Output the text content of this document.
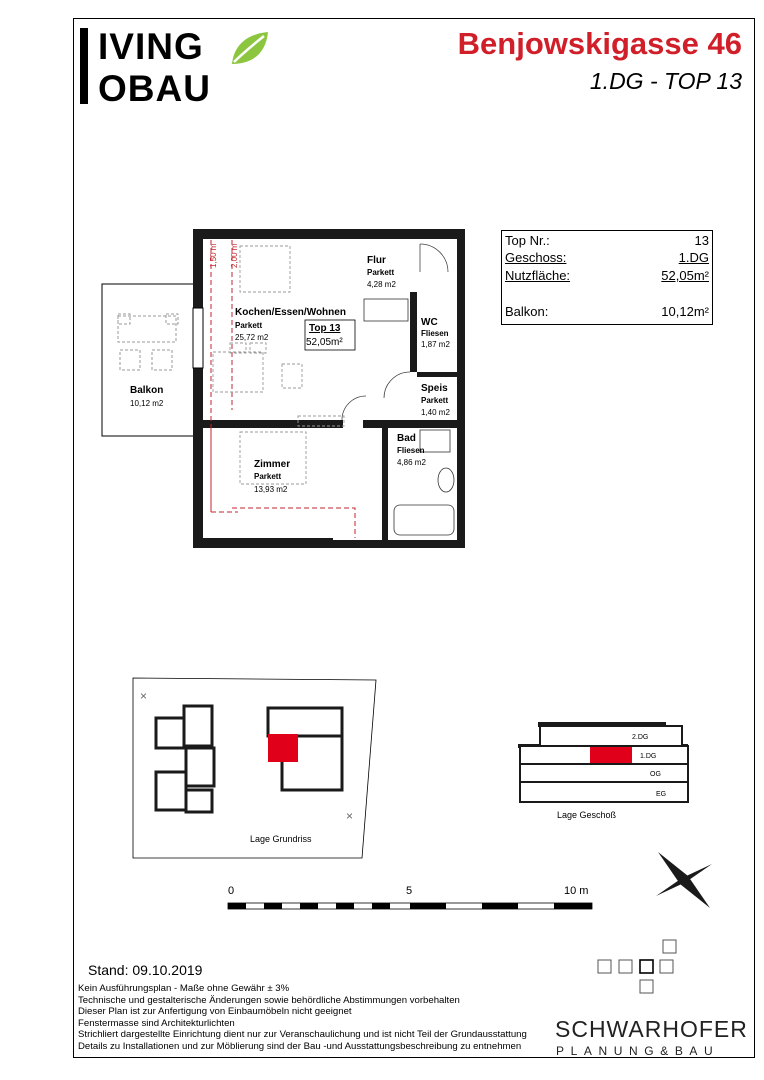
IVING
OBAU
Benjowskigasse 46
1.DG - TOP 13
Top Nr.:	13
Geschoss:	1.DG
Nutzfläche:	52,05m²
Balkon:	10,12m²
1,50 m 2,00 m	Flur
Kochen/Essen/Wohnen
WC
Speis
Balkon
Bad
Zimmer
Parkett
Parkett
Fliesen
Parkett
Fliesen
Parkett
4,28 m2
25,72 m2
1,87 m2
1,40 m2
10,12 m2
4,86 m2
13,93 m2
Top 13
52,05m²
Lage Grundriss
×
×
2.DG
1.DG
OG
EG
Lage Geschoß
0	5	10 m
Stand: 09.10.2019
Kein Ausführungsplan - Maße ohne Gewähr ± 3%
Technische und gestalterische Änderungen sowie behördliche Abstimmungen vorbehalten
Dieser Plan ist zur Anfertigung von Einbaumöbeln nicht geeignet
Fenstermasse sind Architekturlichten
Strichliert dargestellte Einrichtung dient nur zur Veranschaulichung und ist nicht Teil der Grundausstattung
Details zu Installationen und zur Möblierung sind der Bau -und Ausstattungsbeschreibung zu entnehmen
SCHWARHOFER
PLANUNG&BAU
